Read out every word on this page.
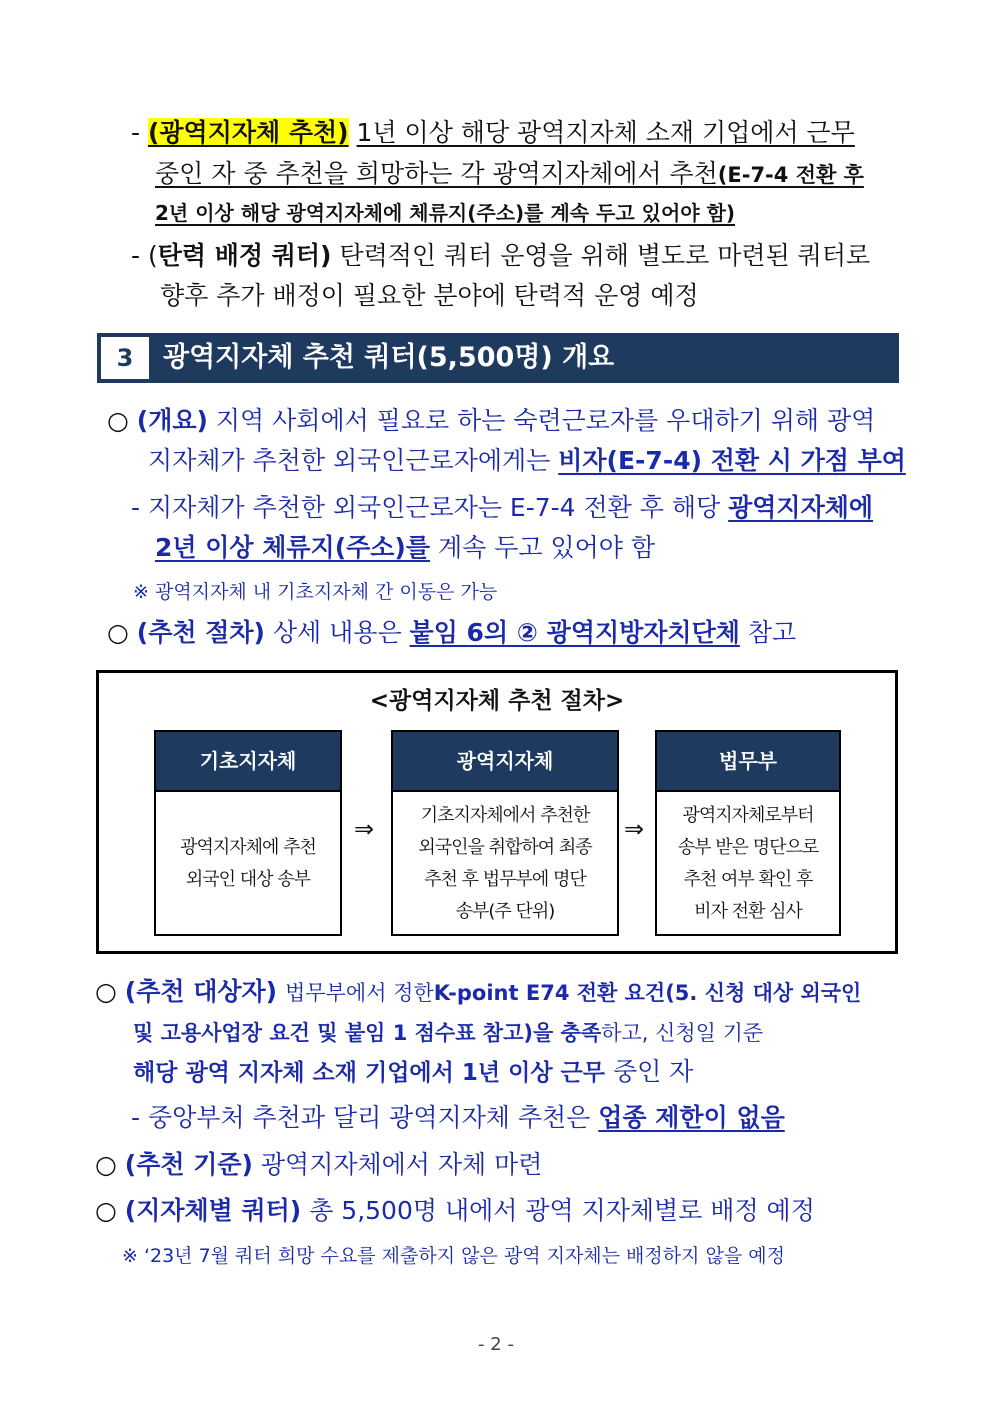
- (광역지자체 추천) 1년 이상 해당 광역지자체 소재 기업에서 근무
중인 자 중 추천을 희망하는 각 광역지자체에서 추천(E-7-4 전환 후
2년 이상 해당 광역지자체에 체류지(주소)를 계속 두고 있어야 함)
- (탄력 배정 쿼터) 탄력적인 쿼터 운영을 위해 별도로 마련된 쿼터로
향후 추가 배정이 필요한 분야에 탄력적 운영 예정
3	광역지자체 추천 쿼터(5,500명) 개요
○ (개요) 지역 사회에서 필요로 하는 숙련근로자를 우대하기 위해 광역
지자체가 추천한 외국인근로자에게는 비자(E-7-4) 전환 시 가점 부여
- 지자체가 추천한 외국인근로자는 E-7-4 전환 후 해당 광역지자체에
2년 이상 체류지(주소)를 계속 두고 있어야 함
※ 광역지자체 내 기초지자체 간 이동은 가능
○ (추천 절차) 상세 내용은 붙임 6의 ② 광역지방자치단체 참고
<광역지자체 추천 절차>
기초지자체
광역지자체에 추천
외국인 대상 송부
⇒
광역지자체
기초지자체에서 추천한
외국인을 취합하여 최종
추천 후 법무부에 명단
송부(주 단위)
⇒
법무부
광역지자체로부터
송부 받은 명단으로
추천 여부 확인 후
비자 전환 심사
○ (추천 대상자) 법무부에서 정한K-point E74 전환 요건(5. 신청 대상 외국인
및 고용사업장 요건 및 붙임 1 점수표 참고)을 충족하고, 신청일 기준
해당 광역 지자체 소재 기업에서 1년 이상 근무 중인 자
- 중앙부처 추천과 달리 광역지자체 추천은 업종 제한이 없음
○ (추천 기준) 광역지자체에서 자체 마련
○ (지자체별 쿼터) 총 5,500명 내에서 광역 지자체별로 배정 예정
※ ‘23년 7월 쿼터 희망 수요를 제출하지 않은 광역 지자체는 배정하지 않을 예정
- 2 -
